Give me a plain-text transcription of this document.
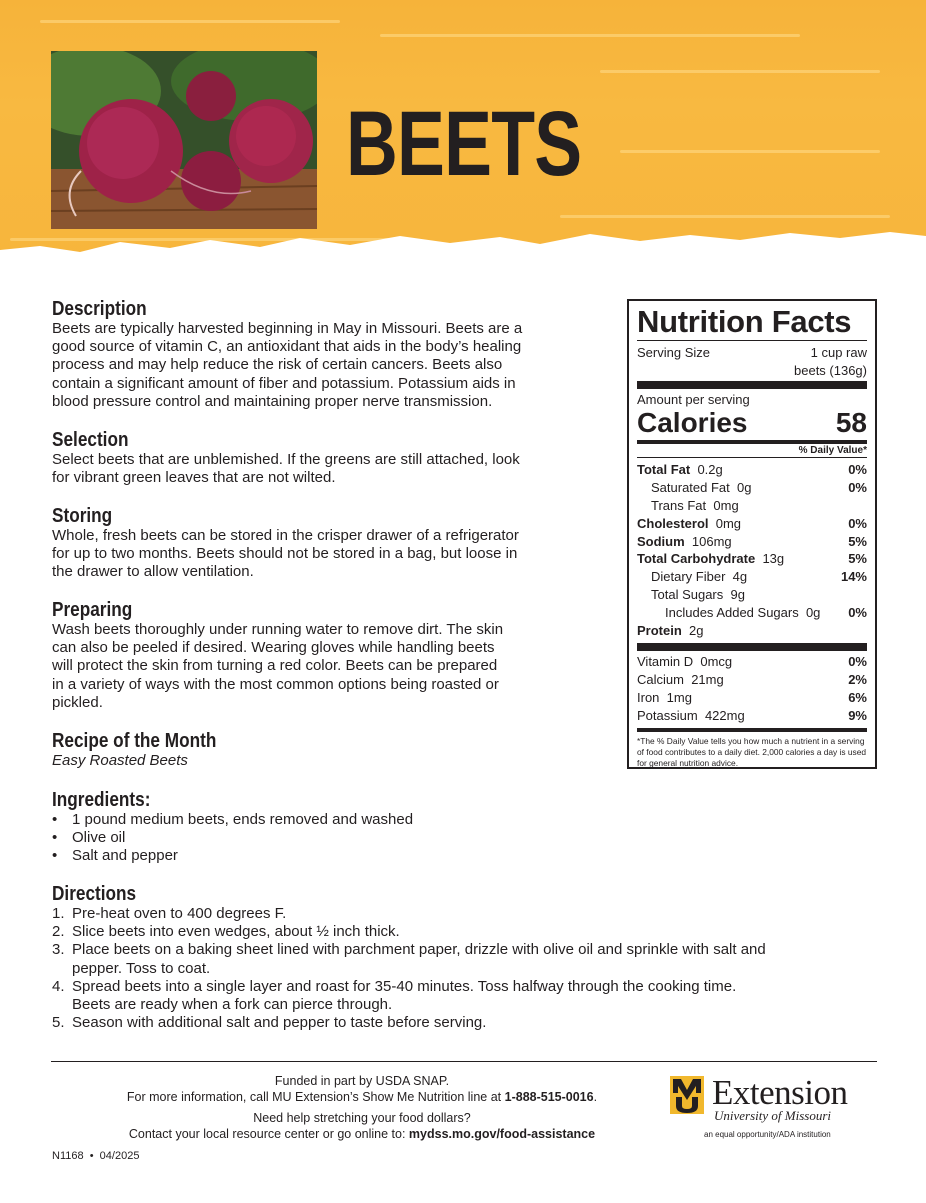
BEETS
Description
Beets are typically harvested beginning in May in Missouri. Beets are a
good source of vitamin C, an antioxidant that aids in the body’s healing
process and may help reduce the risk of certain cancers. Beets also
contain a significant amount of fiber and potassium. Potassium aids in
blood pressure control and maintaining proper nerve transmission.
Selection
Select beets that are unblemished. If the greens are still attached, look
for vibrant green leaves that are not wilted.
Storing
Whole, fresh beets can be stored in the crisper drawer of a refrigerator
for up to two months. Beets should not be stored in a bag, but loose in
the drawer to allow ventilation.
Preparing
Wash beets thoroughly under running water to remove dirt. The skin
can also be peeled if desired. Wearing gloves while handling beets
will protect the skin from turning a red color. Beets can be prepared
in a variety of ways with the most common options being roasted or
pickled.
Recipe of the Month
Easy Roasted Beets
Ingredients:
• 1 pound medium beets, ends removed and washed
• Olive oil
• Salt and pepper
Directions
1. Pre-heat oven to 400 degrees F.
2. Slice beets into even wedges, about ½ inch thick.
3. Place beets on a baking sheet lined with parchment paper, drizzle with olive oil and sprinkle with salt and
pepper. Toss to coat.
4. Spread beets into a single layer and roast for 35-40 minutes. Toss halfway through the cooking time.
Beets are ready when a fork can pierce through.
5. Season with additional salt and pepper to taste before serving.
Nutrition Facts
Serving Size	1 cup raw
beets (136g)
Amount per serving
Calories	58
% Daily Value*
Total Fat 0.2g	0%
Saturated Fat 0g	0%
Trans Fat 0mg
Cholesterol 0mg	0%
Sodium 106mg	5%
Total Carbohydrate 13g	5%
Dietary Fiber 4g	14%
Total Sugars 9g
Includes Added Sugars 0g 0%
Protein 2g
Vitamin D 0mcg	0%
Calcium 21mg	2%
Iron 1mg	6%
Potassium 422mg	9%
*The % Daily Value tells you how much a nutrient in a serving of food contributes to a daily diet. 2,000 calories a day is used for general nutrition advice.
Funded in part by USDA SNAP.
For more information, call MU Extension’s Show Me Nutrition line at 1-888-515-0016.
Need help stretching your food dollars?
Contact your local resource center or go online to: mydss.mo.gov/food-assistance
N1168  •  04/2025
Extension
University of Missouri
an equal opportunity/ADA institution
